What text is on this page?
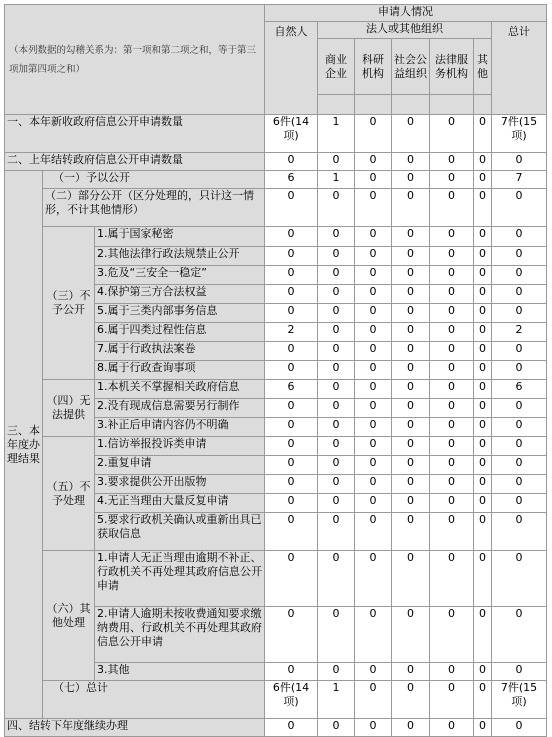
（本列数据的勾稽关系为：第一项和第二项之和，等于第三项加第四项之和）			申请人情况						
			自然人	法人或其他组织					总计
				商业企业	科研机构	社会公益组织	法律服务机构	其他	

一、本年新收政府信息公开申请数量			6件(14项)	1	0	0	0	0	7件(15项)
二、上年结转政府信息公开申请数量			0	0	0	0	0	0	0
三、本年度办理结果	（一）予以公开		6	1	0	0	0	0	7
	（二）部分公开（区分处理的，只计这一情形，不计其他情形）		0	0	0	0	0	0	0
	（三）不予公开	1.属于国家秘密	0	0	0	0	0	0	0
		2.其他法律行政法规禁止公开	0	0	0	0	0	0	0
		3.危及“三安全一稳定”	0	0	0	0	0	0	0
		4.保护第三方合法权益	0	0	0	0	0	0	0
		5.属于三类内部事务信息	0	0	0	0	0	0	0
		6.属于四类过程性信息	2	0	0	0	0	0	2
		7.属于行政执法案卷	0	0	0	0	0	0	0
		8.属于行政查询事项	0	0	0	0	0	0	0
	（四）无法提供	1.本机关不掌握相关政府信息	6	0	0	0	0	0	6
		2.没有现成信息需要另行制作	0	0	0	0	0	0	0
		3.补正后申请内容仍不明确	0	0	0	0	0	0	0
	（五）不予处理	1.信访举报投诉类申请	0	0	0	0	0	0	0
		2.重复申请	0	0	0	0	0	0	0
		3.要求提供公开出版物	0	0	0	0	0	0	0
		4.无正当理由大量反复申请	0	0	0	0	0	0	0
		5.要求行政机关确认或重新出具已获取信息	0	0	0	0	0	0	0
	（六）其他处理	1.申请人无正当理由逾期不补正、行政机关不再处理其政府信息公开申请	0	0	0	0	0	0	0
		2.申请人逾期未按收费通知要求缴纳费用、行政机关不再处理其政府信息公开申请	0	0	0	0	0	0	0
		3.其他	0	0	0	0	0	0	0
	（七）总计		6件(14项)	1	0	0	0	0	7件(15项)
四、结转下年度继续办理			0	0	0	0	0	0	0
